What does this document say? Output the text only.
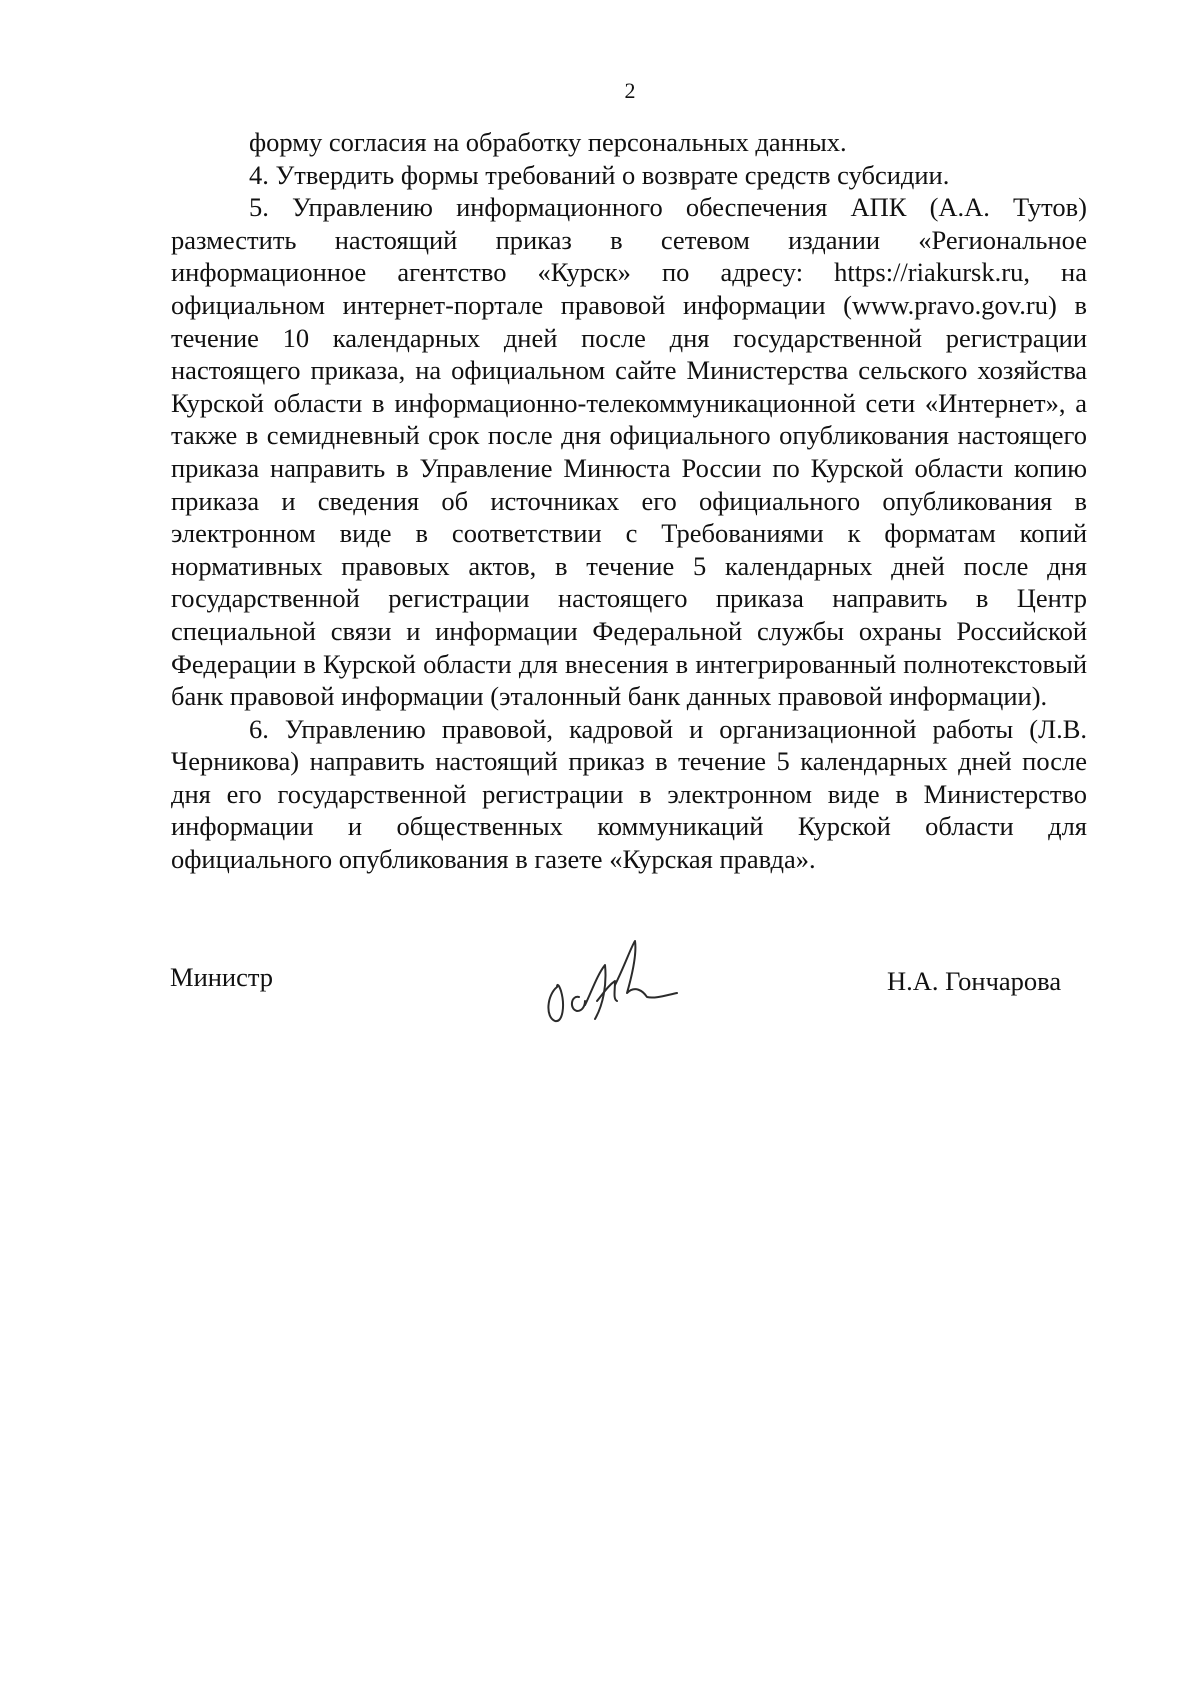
2

форму согласия на обработку персональных данных.

4. Утвердить формы требований о возврате средств субсидии.

5. Управлению информационного обеспечения АПК (А.А. Тутов) разместить настоящий приказ в сетевом издании «Региональное информационное агентство «Курск» по адресу: https://riakursk.ru, на официальном интернет-портале правовой информации (www.pravo.gov.ru) в течение 10 календарных дней после дня государственной регистрации настоящего приказа, на официальном сайте Министерства сельского хозяйства Курской области в информационно-телекоммуникационной сети «Интернет», а также в семидневный срок после дня официального опубликования настоящего приказа направить в Управление Минюста России по Курской области копию приказа и сведения об источниках его официального опубликования в электронном виде в соответствии с Требованиями к форматам копий нормативных правовых актов, в течение 5 календарных дней после дня государственной регистрации настоящего приказа направить в Центр специальной связи и информации Федеральной службы охраны Российской Федерации в Курской области для внесения в интегрированный полнотекстовый банк правовой информации (эталонный банк данных правовой информации).

6. Управлению правовой, кадровой и организационной работы (Л.В. Черникова) направить настоящий приказ в течение 5 календарных дней после дня его государственной регистрации в электронном виде в Министерство информации и общественных коммуникаций Курской области для официального опубликования в газете «Курская правда».

Министр	Н.А. Гончарова
